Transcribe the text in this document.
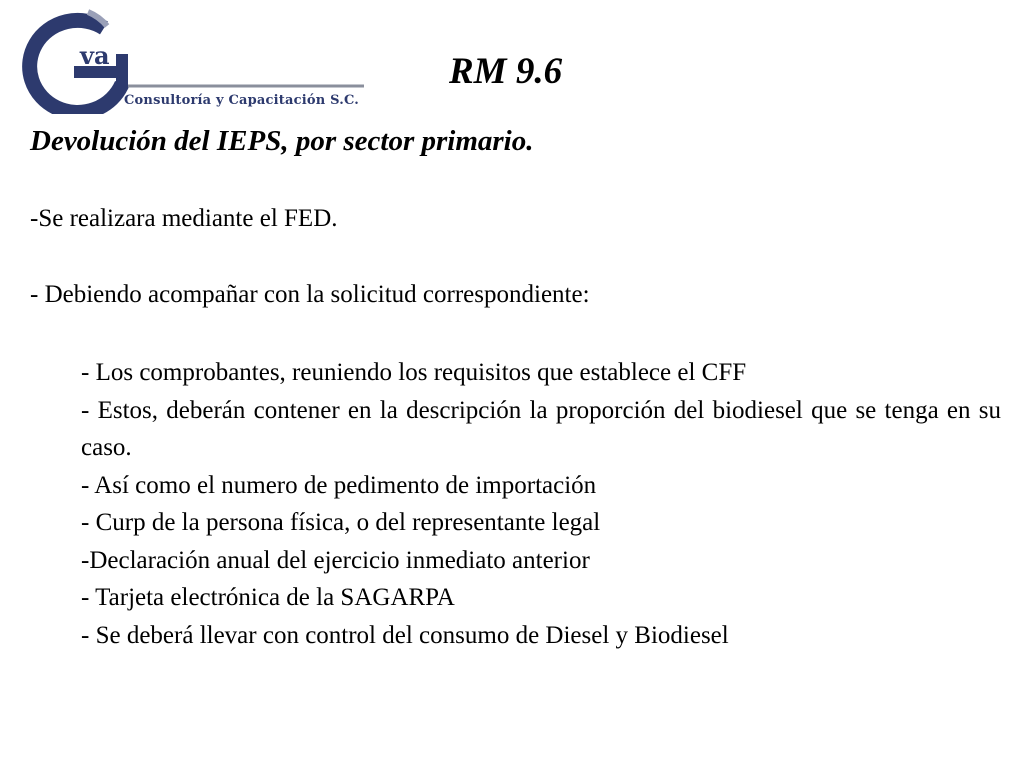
va
Consultoría y Capacitación S.C.
RM 9.6
Devolución del IEPS, por sector primario.
-Se realizara mediante el FED.
- Debiendo acompañar con la solicitud correspondiente:
- Los comprobantes, reuniendo los requisitos que establece el CFF
- Estos, deberán contener en la descripción la proporción del biodiesel que se tenga en su caso.
- Así como el numero de pedimento de importación
- Curp de la persona física, o del representante legal
-Declaración anual del ejercicio inmediato anterior
- Tarjeta electrónica de la SAGARPA
- Se deberá llevar con control del consumo de Diesel y Biodiesel
